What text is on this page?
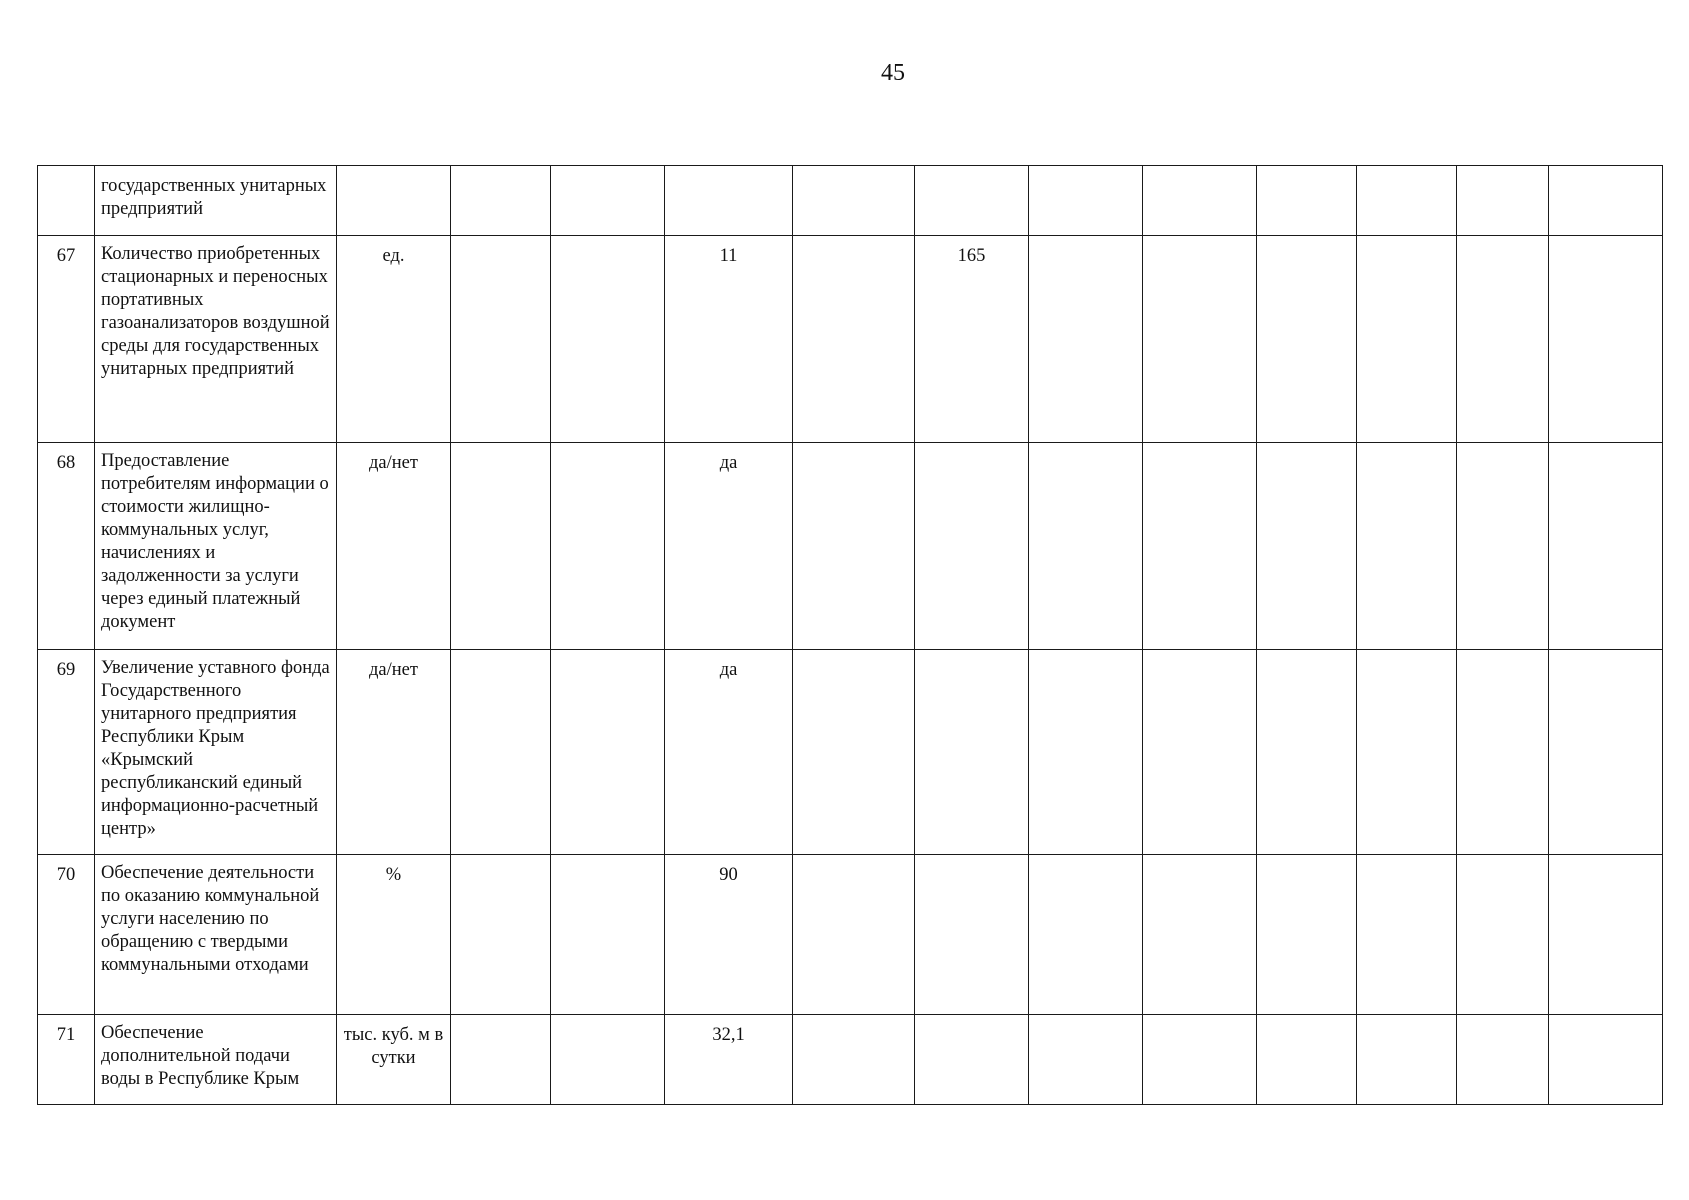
45
	государственных унитарных предприятий													
67	Количество приобретенных стационарных и переносных портативных газоанализаторов воздушной среды для государственных унитарных предприятий	ед.			11		165							
68	Предоставление потребителям информации о стоимости жилищно-коммунальных услуг, начислениях и задолженности за услуги через единый платежный документ	да/нет			да									
69	Увеличение уставного фонда Государственного унитарного предприятия Республики Крым «Крымский республиканский единый информационно-расчетный центр»	да/нет			да									
70	Обеспечение деятельности по оказанию коммунальной услуги населению по обращению с твердыми коммунальными отходами	%			90									
71	Обеспечение дополнительной подачи воды в Республике Крым	тыс. куб. м в сутки			32,1									
